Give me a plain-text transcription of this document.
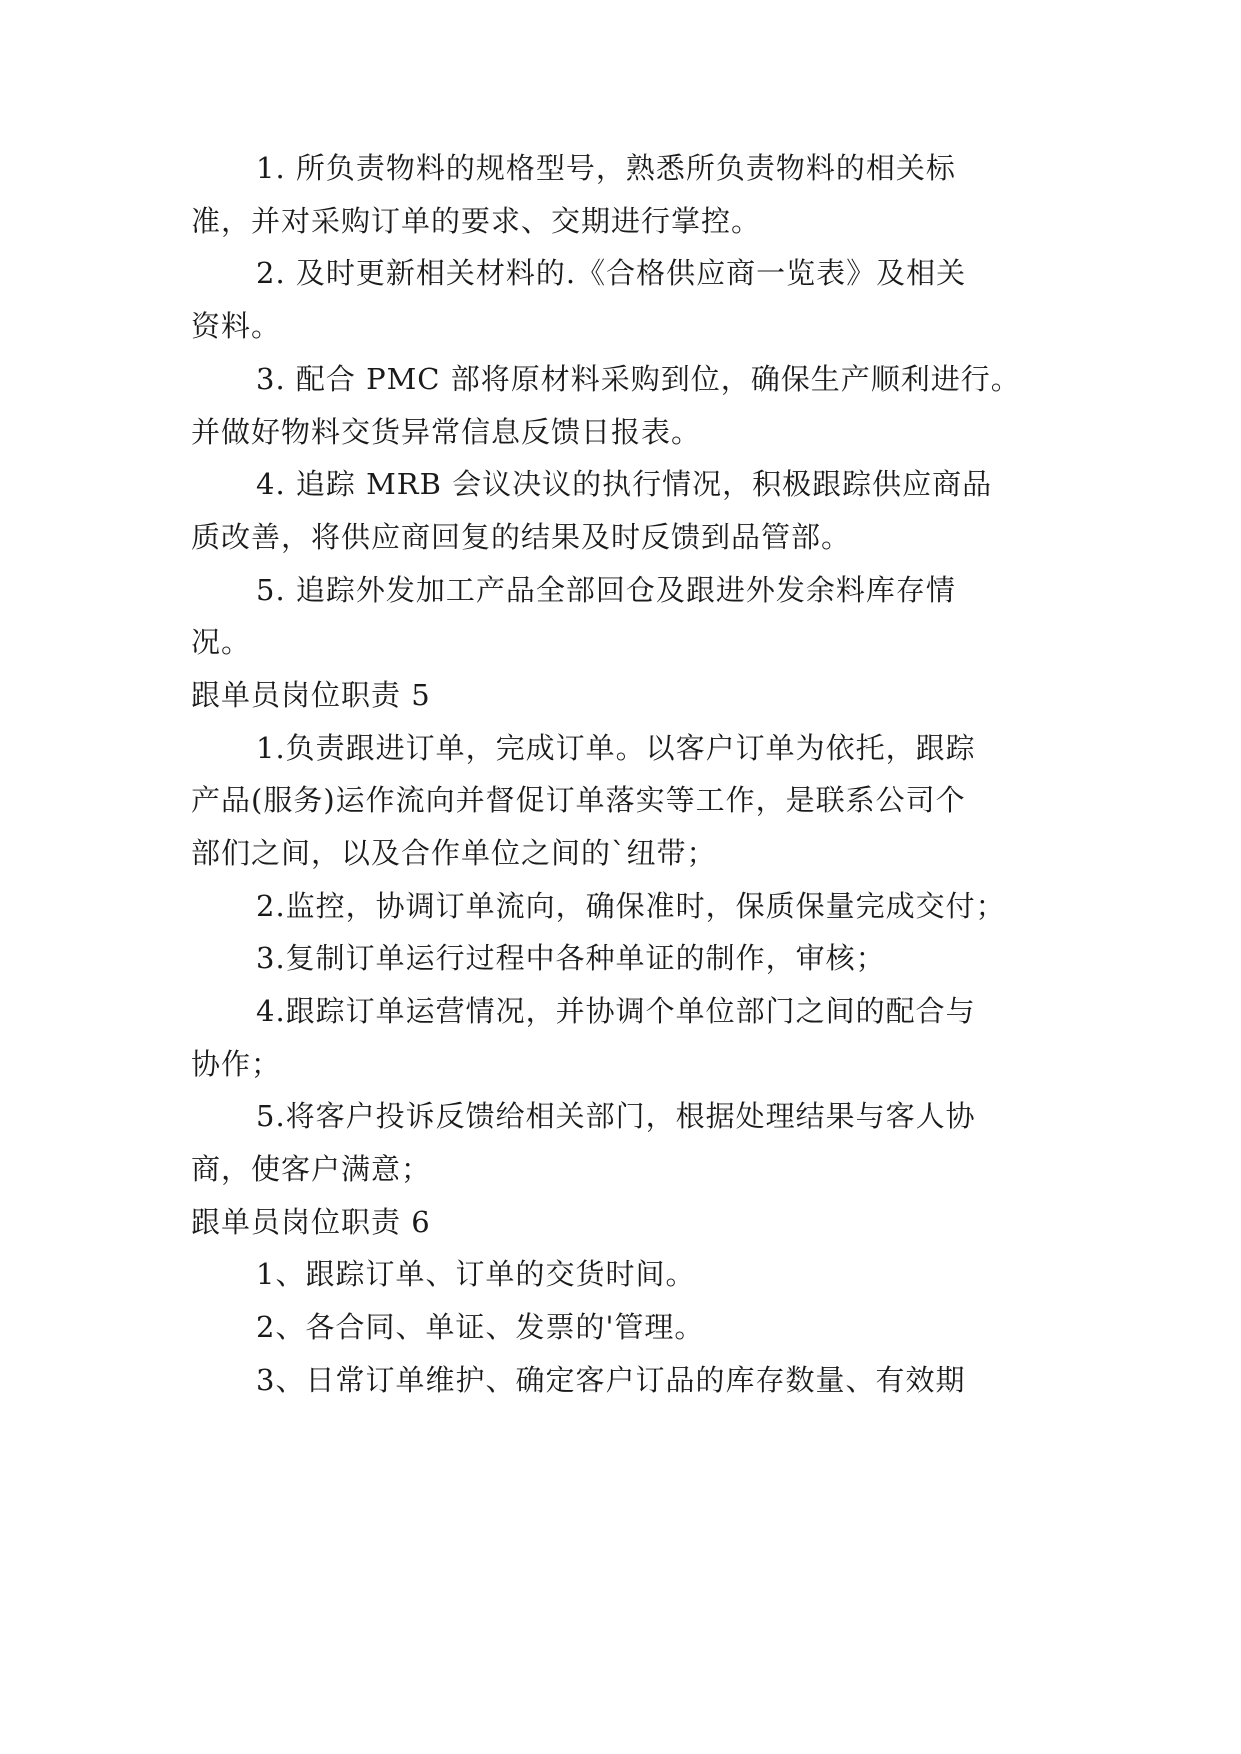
1. 所负责物料的规格型号，熟悉所负责物料的相关标
准，并对采购订单的要求、交期进行掌控。
2. 及时更新相关材料的.《合格供应商一览表》及相关
资料。
3. 配合 PMC 部将原材料采购到位，确保生产顺利进行。
并做好物料交货异常信息反馈日报表。
4. 追踪 MRB 会议决议的执行情况，积极跟踪供应商品
质改善，将供应商回复的结果及时反馈到品管部。
5. 追踪外发加工产品全部回仓及跟进外发余料库存情
况。
跟单员岗位职责 5
1.负责跟进订单，完成订单。以客户订单为依托，跟踪
产品(服务)运作流向并督促订单落实等工作，是联系公司个
部们之间，以及合作单位之间的`纽带；
2.监控，协调订单流向，确保准时，保质保量完成交付；
3.复制订单运行过程中各种单证的制作，审核；
4.跟踪订单运营情况，并协调个单位部门之间的配合与
协作；
5.将客户投诉反馈给相关部门，根据处理结果与客人协
商，使客户满意；
跟单员岗位职责 6
1、跟踪订单、订单的交货时间。
2、各合同、单证、发票的'管理。
3、日常订单维护、确定客户订品的库存数量、有效期
